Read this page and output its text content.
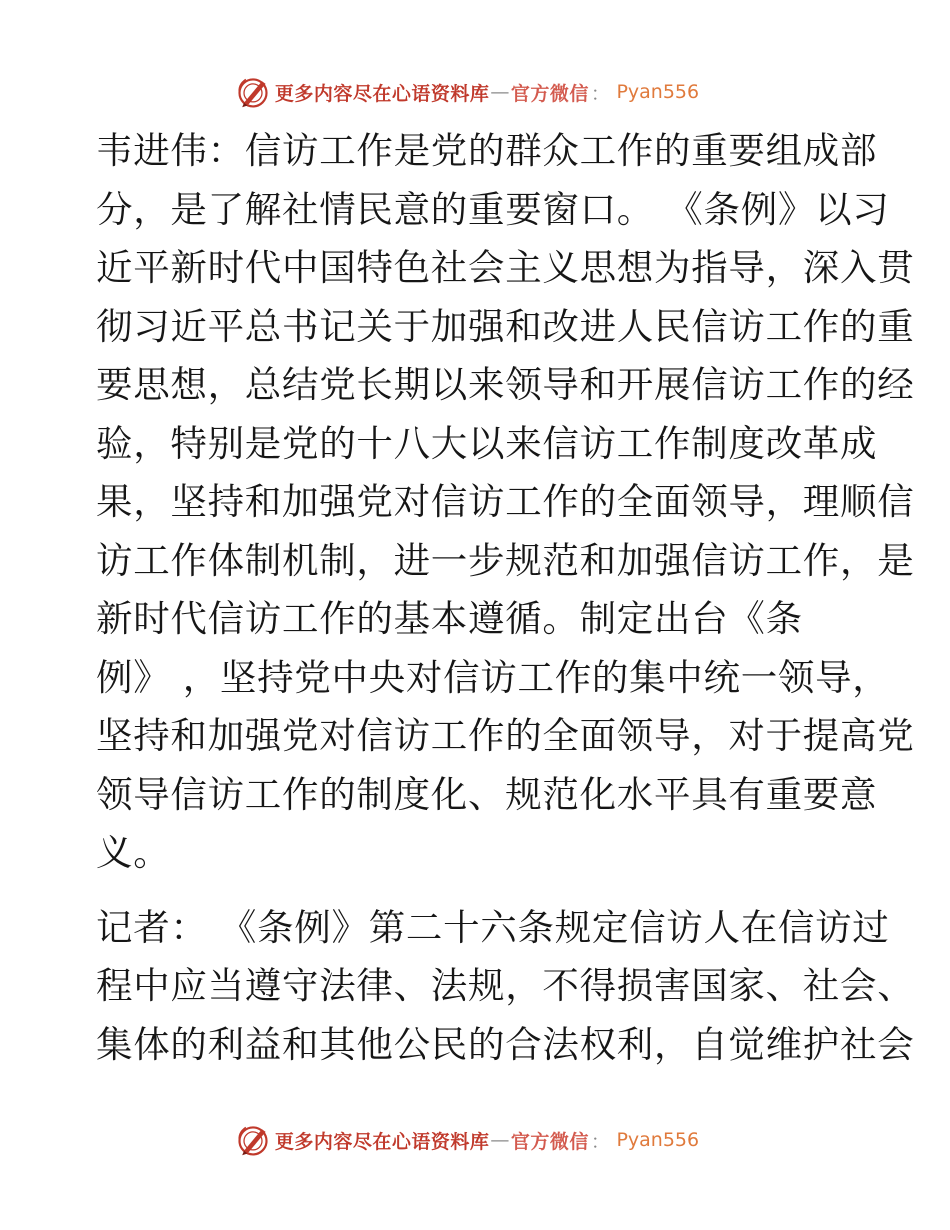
更多内容尽在心语资料库 — 官方微信 ： Pyan556

韦进伟：信访工作是党的群众工作的重要组成部
分，是了解社情民意的重要窗口。 《条例》以习
近平新时代中国特色社会主义思想为指导，深入贯
彻习近平总书记关于加强和改进人民信访工作的重
要思想，总结党长期以来领导和开展信访工作的经
验，特别是党的十八大以来信访工作制度改革成
果，坚持和加强党对信访工作的全面领导，理顺信
访工作体制机制，进一步规范和加强信访工作，是
新时代信访工作的基本遵循。制定出台《条
例》 ，坚持党中央对信访工作的集中统一领导，
坚持和加强党对信访工作的全面领导，对于提高党
领导信访工作的制度化、规范化水平具有重要意
义。

记者： 《条例》第二十六条规定信访人在信访过
程中应当遵守法律、法规，不得损害国家、社会、
集体的利益和其他公民的合法权利，自觉维护社会

更多内容尽在心语资料库 — 官方微信 ： Pyan556
